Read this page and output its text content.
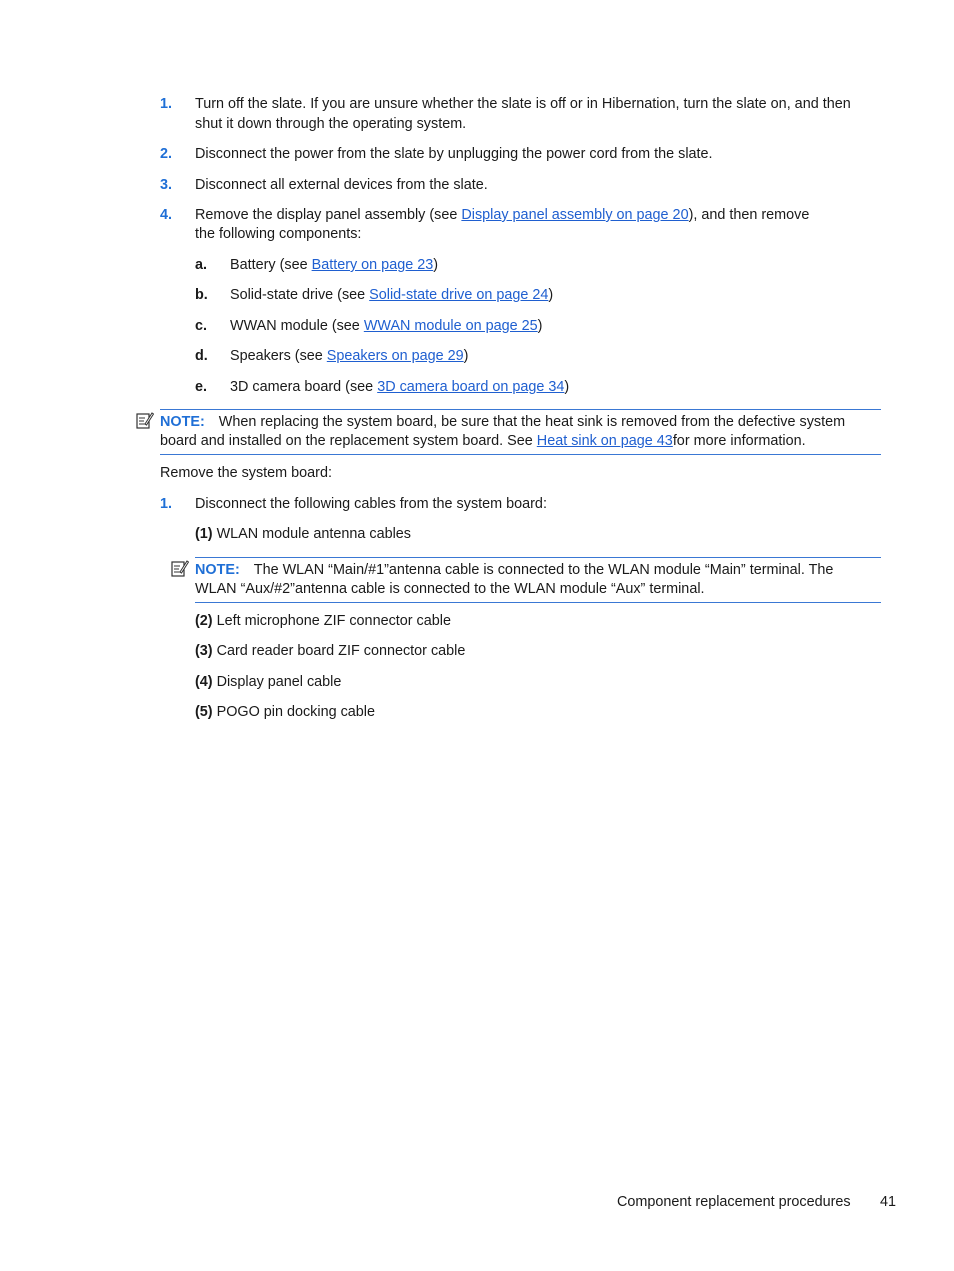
1. Turn off the slate. If you are unsure whether the slate is off or in Hibernation, turn the slate on, and then
shut it down through the operating system.
2. Disconnect the power from the slate by unplugging the power cord from the slate.
3. Disconnect all external devices from the slate.
4. Remove the display panel assembly (see Display panel assembly on page 20), and then remove
the following components:
a. Battery (see Battery on page 23)
b. Solid-state drive (see Solid-state drive on page 24)
c. WWAN module (see WWAN module on page 25)
d. Speakers (see Speakers on page 29)
e. 3D camera board (see 3D camera board on page 34)
NOTE: When replacing the system board, be sure that the heat sink is removed from the defective system
board and installed on the replacement system board. See Heat sink on page 43for more information.
Remove the system board:
1. Disconnect the following cables from the system board:
(1) WLAN module antenna cables
NOTE: The WLAN “Main/#1”antenna cable is connected to the WLAN module “Main” terminal. The
WLAN “Aux/#2”antenna cable is connected to the WLAN module “Aux” terminal.
(2) Left microphone ZIF connector cable
(3) Card reader board ZIF connector cable
(4) Display panel cable
(5) POGO pin docking cable
Component replacement procedures 41
